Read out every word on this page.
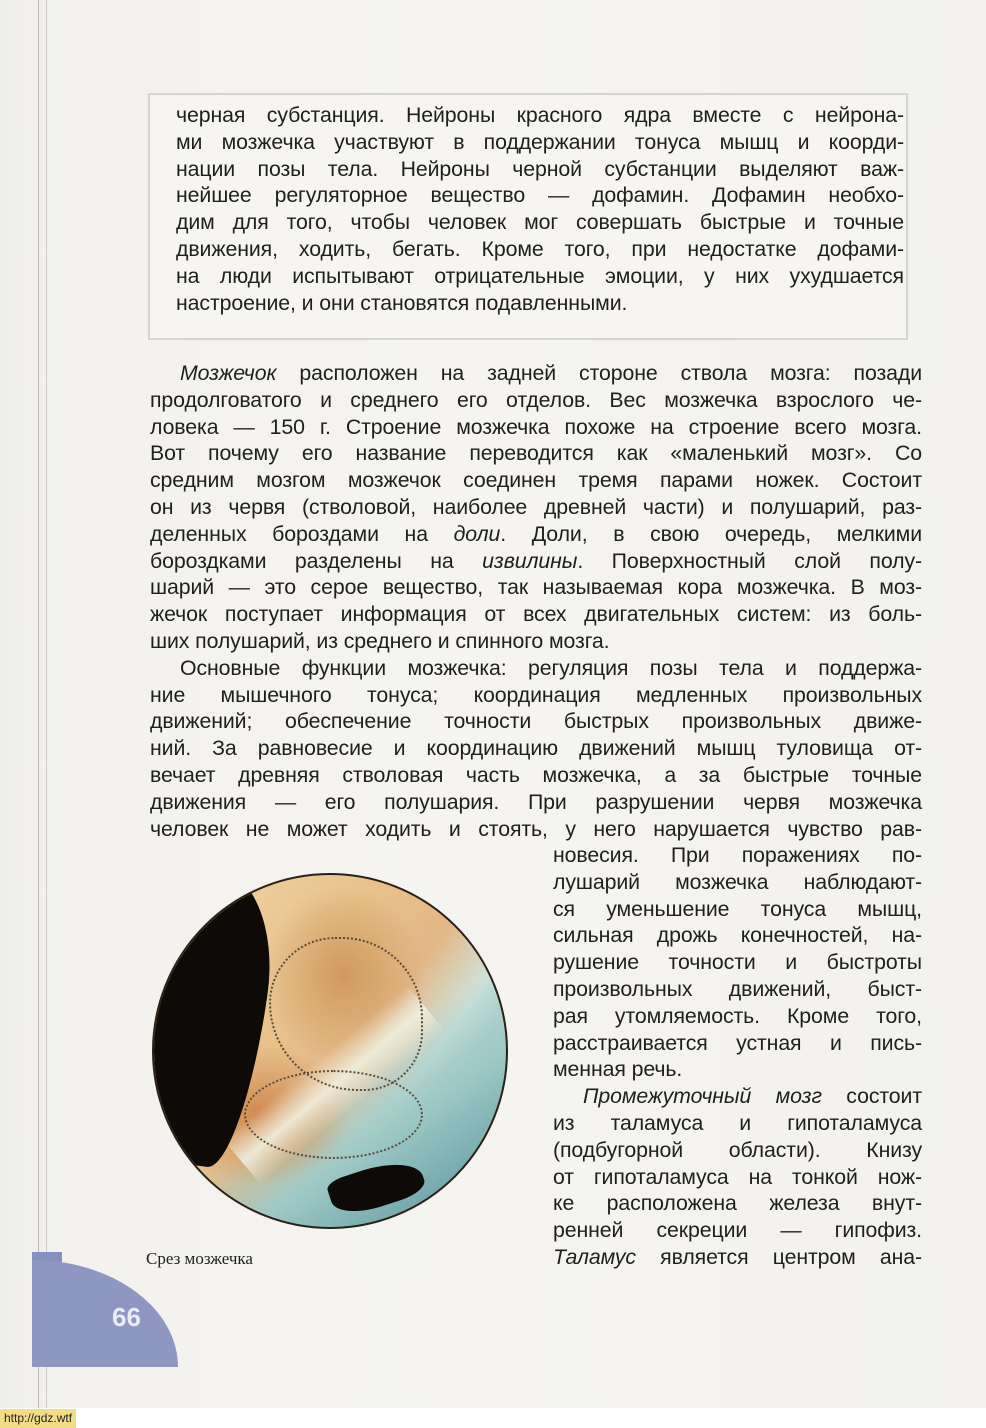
черная субстанция. Нейроны красного ядра вместе с нейрона-
ми мозжечка участвуют в поддержании тонуса мышц и коорди-
нации позы тела. Нейроны черной субстанции выделяют важ-
нейшее регуляторное вещество — дофамин. Дофамин необхо-
дим для того, чтобы человек мог совершать быстрые и точные
движения, ходить, бегать. Кроме того, при недостатке дофами-
на люди испытывают отрицательные эмоции, у них ухудшается
настроение, и они становятся подавленными.
Мозжечок расположен на задней стороне ствола мозга: позади
продолговатого и среднего его отделов. Вес мозжечка взрослого че-
ловека — 150 г. Строение мозжечка похоже на строение всего мозга.
Вот почему его название переводится как «маленький мозг». Со
средним мозгом мозжечок соединен тремя парами ножек. Состоит
он из червя (стволовой, наиболее древней части) и полушарий, раз-
деленных бороздами на доли. Доли, в свою очередь, мелкими
бороздками разделены на извилины. Поверхностный слой полу-
шарий — это серое вещество, так называемая кора мозжечка. В моз-
жечок поступает информация от всех двигательных систем: из боль-
ших полушарий, из среднего и спинного мозга.
Основные функции мозжечка: регуляция позы тела и поддержа-
ние мышечного тонуса; координация медленных произвольных
движений; обеспечение точности быстрых произвольных движе-
ний. За равновесие и координацию движений мышц туловища от-
вечает древняя стволовая часть мозжечка, а за быстрые точные
движения — его полушария. При разрушении червя мозжечка
человек не может ходить и стоять, у него нарушается чувство рав-
новесия. При поражениях по-
лушарий мозжечка наблюдают-
ся уменьшение тонуса мышц,
сильная дрожь конечностей, на-
рушение точности и быстроты
произвольных движений, быст-
рая утомляемость. Кроме того,
расстраивается устная и пись-
менная речь.
Промежуточный мозг состоит
из таламуса и гипоталамуса
(подбугорной области). Книзу
от гипоталамуса на тонкой нож-
ке расположена железа внут-
ренней секреции — гипофиз.
Таламус является центром ана-
Срез мозжечка
66
http://gdz.wtf
